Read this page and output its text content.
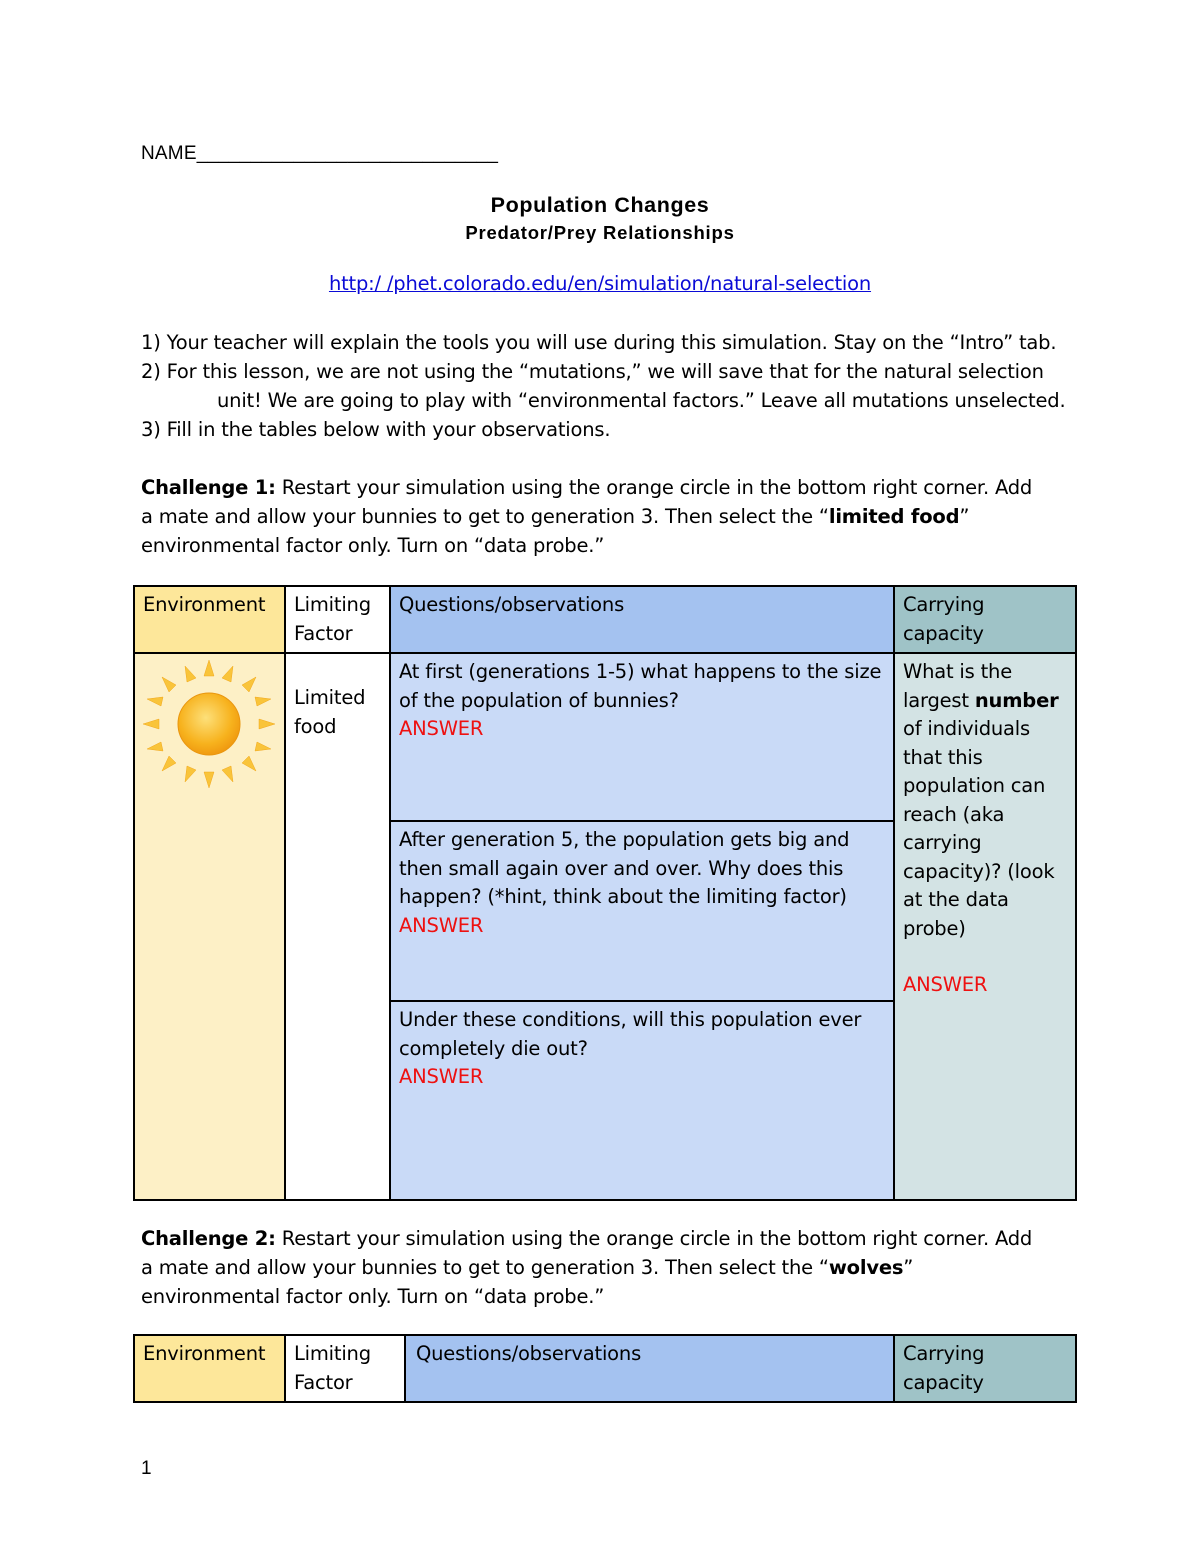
NAME____________________________
Population Changes
Predator/Prey Relationships
http:/ /phet.colorado.edu/en/simulation/natural-selection
1) Your teacher will explain the tools you will use during this simulation. Stay on the “Intro” tab.
2) For this lesson, we are not using the “mutations,” we will save that for the natural selection
unit! We are going to play with “environmental factors.” Leave all mutations unselected.
3) Fill in the tables below with your observations.
Challenge 1: Restart your simulation using the orange circle in the bottom right corner. Add a mate and allow your bunnies to get to generation 3. Then select the “limited food” environmental factor only. Turn on “data probe.”
Environment	Limiting Factor	Questions/observations	Carrying capacity

	Limited food	At first (generations 1-5) what happens to the size of the population of bunnies?
ANSWER	What is the largest number of individuals that this population can reach (aka carrying capacity)? (look at the data probe)
ANSWER

		After generation 5, the population gets big and then small again over and over. Why does this happen? (*hint, think about the limiting factor)
ANSWER	

		Under these conditions, will this population ever completely die out?
ANSWER	
Challenge 2: Restart your simulation using the orange circle in the bottom right corner. Add a mate and allow your bunnies to get to generation 3. Then select the “wolves” environmental factor only. Turn on “data probe.”
Environment	Limiting Factor	Questions/observations	Carrying capacity
1
